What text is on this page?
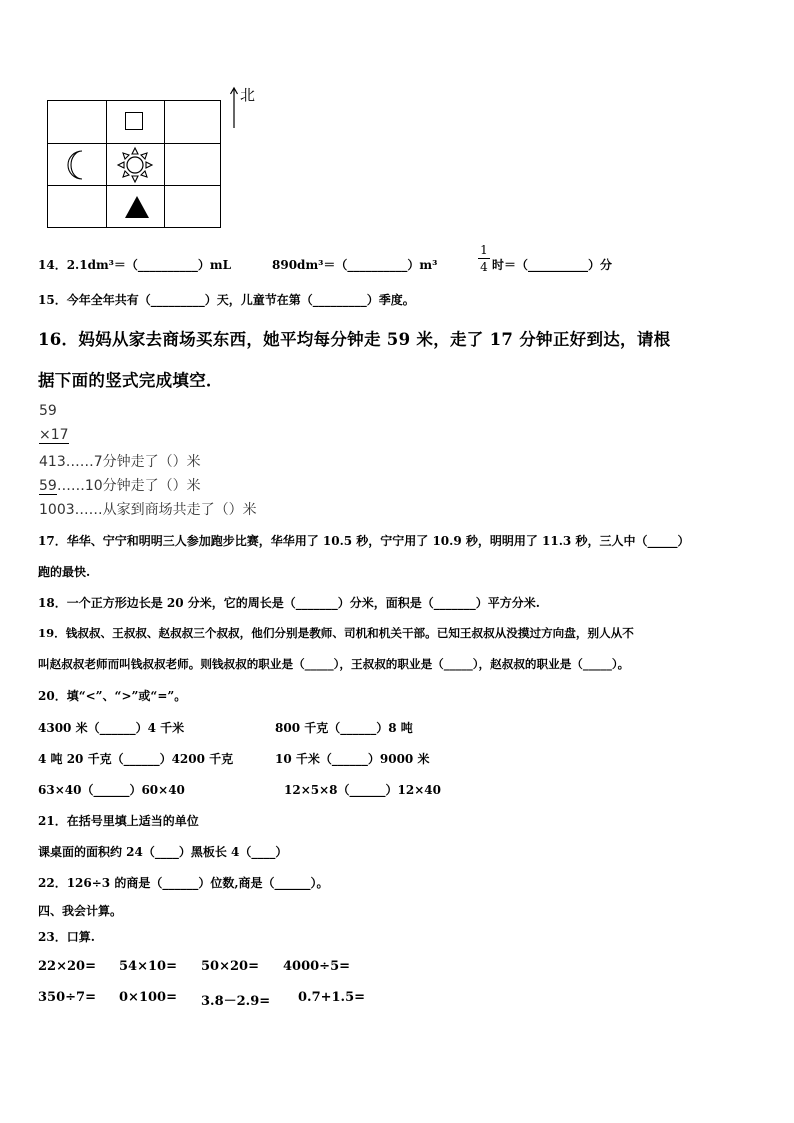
北
14．2.1dm³＝（__________）mL	890dm³＝（__________）m³
1
4 时＝（__________）分
15．今年全年共有（_________）天，儿童节在第（_________）季度。
16．妈妈从家去商场买东西，她平均每分钟走 59 米，走了 17 分钟正好到达，请根
据下面的竖式完成填空．
59
×17
413……7分钟走了（）米
59……10分钟走了（）米
1003……从家到商场共走了（）米
17．华华、宁宁和明明三人参加跑步比赛，华华用了 10.5 秒，宁宁用了 10.9 秒，明明用了 11.3 秒，三人中（_____）
跑的最快.
18．一个正方形边长是 20 分米，它的周长是（_______）分米，面积是（_______）平方分米.
19．钱叔叔、王叔叔、赵叔叔三个叔叔，他们分别是教师、司机和机关干部。已知王叔叔从没摸过方向盘，别人从不
叫赵叔叔老师而叫钱叔叔老师。则钱叔叔的职业是（_____），王叔叔的职业是（_____），赵叔叔的职业是（_____）。
20．填“<”、“>”或“=”。
4300 米（______）4 千米	800 千克（______）8 吨
4 吨 20 千克（______）4200 千克	10 千米（______）9000 米
63×40（______）60×40	12×5×8（______）12×40
21．在括号里填上适当的单位
课桌面的面积约 24（____）黑板长 4（____）
22．126÷3 的商是（______）位数,商是（______）。
四、我会计算。
23．口算.
22×20= 54×10= 50×20= 4000÷5=
350÷7= 0×100= 3.8－2.9= 0.7+1.5=
